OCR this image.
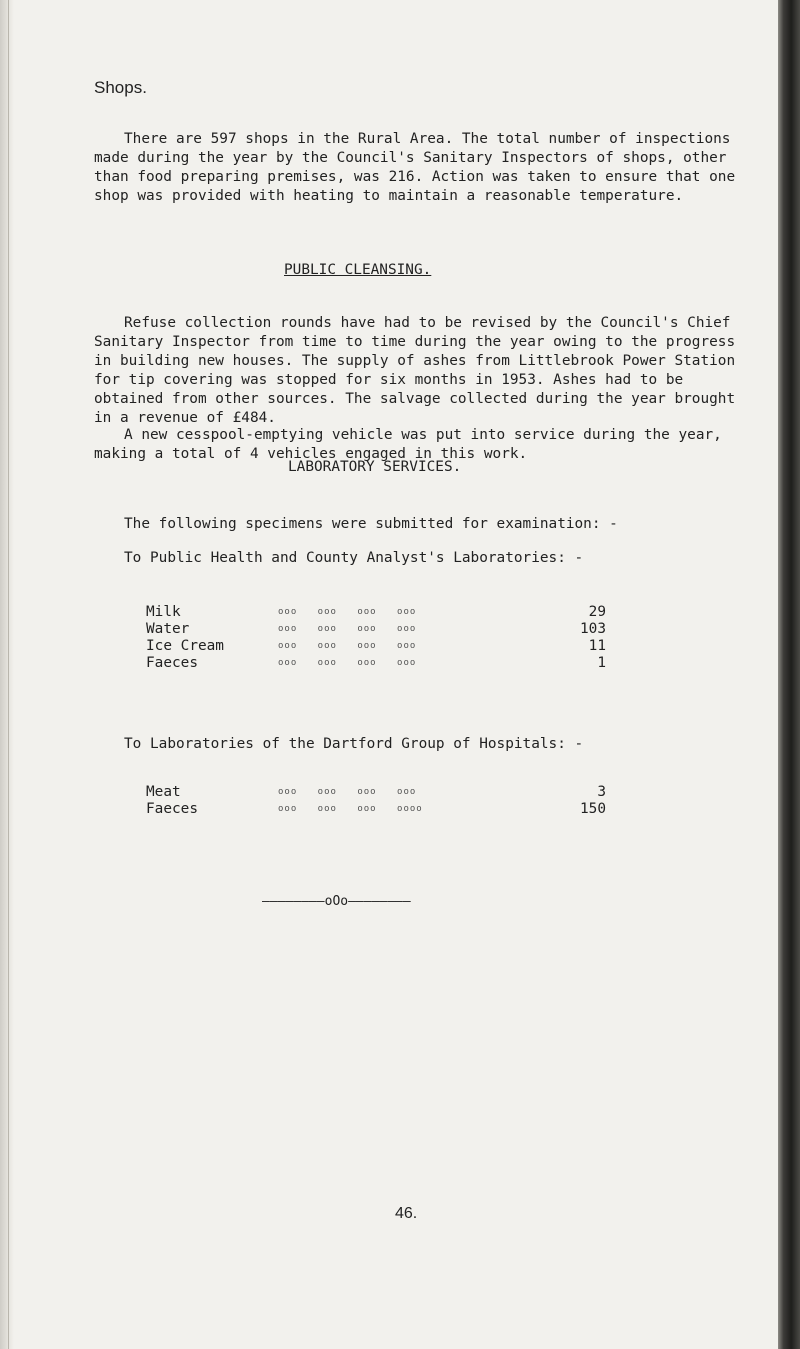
Shops.

There are 597 shops in the Rural Area. The total number of inspections made during the year by the Council's Sanitary Inspectors of shops, other than food preparing premises, was 216. Action was taken to ensure that one shop was provided with heating to maintain a reasonable temperature.

PUBLIC CLEANSING.

Refuse collection rounds have had to be revised by the Council's Chief Sanitary Inspector from time to time during the year owing to the progress in building new houses. The supply of ashes from Littlebrook Power Station for tip covering was stopped for six months in 1953. Ashes had to be obtained from other sources. The salvage collected during the year brought in a revenue of £484.

A new cesspool-emptying vehicle was put into service during the year, making a total of 4 vehicles engaged in this work.

LABORATORY SERVICES.

The following specimens were submitted for examination: -

To Public Health and County Analyst's Laboratories: -

Milk	ooo ooo ooo ooo	29
Water	ooo ooo ooo ooo	103
Ice Cream	ooo ooo ooo ooo	11
Faeces	ooo ooo ooo ooo	1

To Laboratories of the Dartford Group of Hospitals: -

Meat	ooo ooo ooo ooo	3
Faeces	ooo ooo ooo oooo	150
————————oOo————————
46.
